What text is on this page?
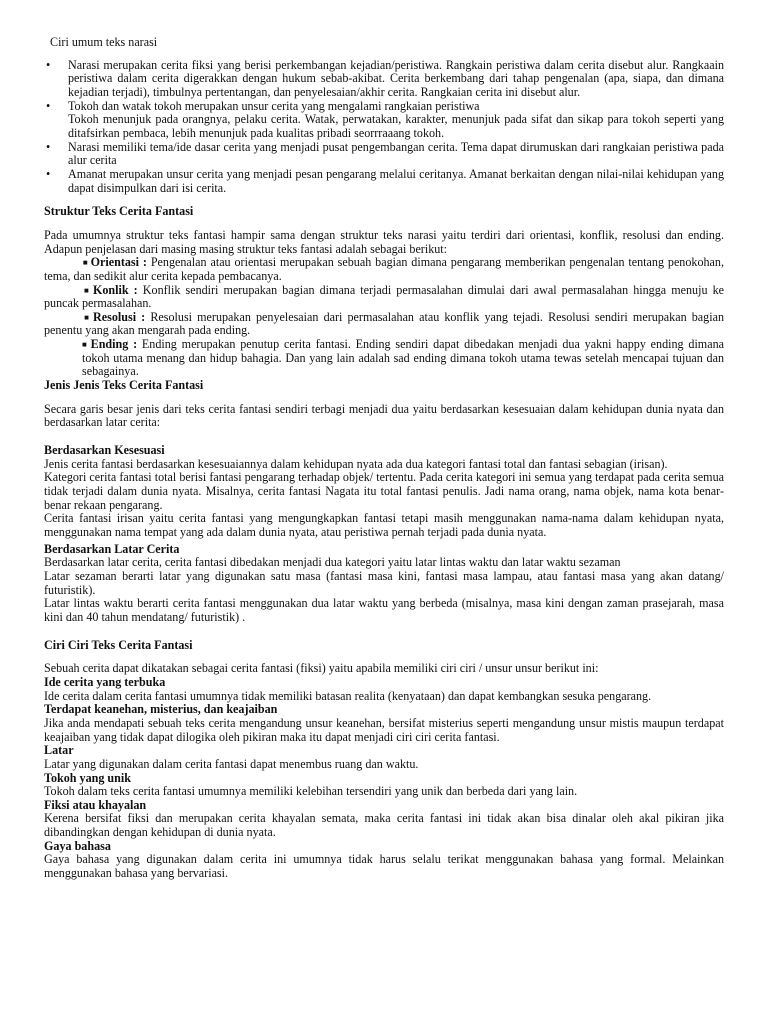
Ciri umum teks narasi

• Narasi merupakan cerita fiksi yang berisi perkembangan kejadian/peristiwa. Rangkain peristiwa dalam cerita disebut alur. Rangkaain peristiwa dalam cerita digerakkan dengan hukum sebab-akibat. Cerita berkembang dari tahap pengenalan (apa, siapa, dan dimana kejadian terjadi), timbulnya pertentangan, dan penyelesaian/akhir cerita. Rangkaian cerita ini disebut alur.
• Tokoh dan watak tokoh merupakan unsur cerita yang mengalami rangkaian peristiwa
Tokoh menunjuk pada orangnya, pelaku cerita. Watak, perwatakan, karakter, menunjuk pada sifat dan sikap para tokoh seperti yang ditafsirkan pembaca, lebih menunjuk pada kualitas pribadi seorrraaang tokoh.
• Narasi memiliki tema/ide dasar cerita yang menjadi pusat pengembangan cerita. Tema dapat dirumuskan dari rangkaian peristiwa pada alur cerita
• Amanat merupakan unsur cerita yang menjadi pesan pengarang melalui ceritanya. Amanat berkaitan dengan nilai-nilai kehidupan yang dapat disimpulkan dari isi cerita.
Struktur Teks Cerita Fantasi

Pada umumnya struktur teks fantasi hampir sama dengan struktur teks narasi yaitu terdiri dari orientasi, konflik, resolusi dan ending. Adapun penjelasan dari masing masing struktur teks fantasi adalah sebagai berikut:

■ Orientasi : Pengenalan atau orientasi merupakan sebuah bagian dimana pengarang memberikan pengenalan tentang penokohan, tema, dan sedikit alur cerita kepada pembacanya.
■ Konlik : Konflik sendiri merupakan bagian dimana terjadi permasalahan dimulai dari awal permasalahan hingga menuju ke puncak permasalahan.
■ Resolusi : Resolusi merupakan penyelesaian dari permasalahan atau konflik yang tejadi. Resolusi sendiri merupakan bagian penentu yang akan mengarah pada ending.
■ Ending : Ending merupakan penutup cerita fantasi. Ending sendiri dapat dibedakan menjadi dua yakni happy ending dimana tokoh utama menang dan hidup bahagia. Dan yang lain adalah sad ending dimana tokoh utama tewas setelah mencapai tujuan dan sebagainya.
Jenis Jenis Teks Cerita Fantasi

Secara garis besar jenis dari teks cerita fantasi sendiri terbagi menjadi dua yaitu berdasarkan kesesuaian dalam kehidupan dunia nyata dan berdasarkan latar cerita:

Berdasarkan Kesesuasi

Jenis cerita fantasi berdasarkan kesesuaiannya dalam kehidupan nyata ada dua kategori fantasi total dan fantasi sebagian (irisan).

Kategori cerita fantasi total berisi fantasi pengarang terhadap objek/ tertentu. Pada cerita kategori ini semua yang terdapat pada cerita semua tidak terjadi dalam dunia nyata. Misalnya, cerita fantasi Nagata itu total fantasi penulis. Jadi nama orang, nama objek, nama kota benar-benar rekaan pengarang.

Cerita fantasi irisan yaitu cerita fantasi yang mengungkapkan fantasi tetapi masih menggunakan nama-nama dalam kehidupan nyata, menggunakan nama tempat yang ada dalam dunia nyata, atau peristiwa pernah terjadi pada dunia nyata.

Berdasarkan Latar Cerita

Berdasarkan latar cerita, cerita fantasi dibedakan menjadi dua kategori yaitu latar lintas waktu dan latar waktu sezaman

Latar sezaman berarti latar yang digunakan satu masa (fantasi masa kini, fantasi masa lampau, atau fantasi masa yang akan datang/ futuristik).

Latar lintas waktu berarti cerita fantasi menggunakan dua latar waktu yang berbeda (misalnya, masa kini dengan zaman prasejarah, masa kini dan 40 tahun mendatang/ futuristik) .

Ciri Ciri Teks Cerita Fantasi

Sebuah cerita dapat dikatakan sebagai cerita fantasi (fiksi) yaitu apabila memiliki ciri ciri / unsur unsur berikut ini:

Ide cerita yang terbuka

Ide cerita dalam cerita fantasi umumnya tidak memiliki batasan realita (kenyataan) dan dapat kembangkan sesuka pengarang.

Terdapat keanehan, misterius, dan keajaiban

Jika anda mendapati sebuah teks cerita mengandung unsur keanehan, bersifat misterius seperti mengandung unsur mistis maupun terdapat keajaiban yang tidak dapat dilogika oleh pikiran maka itu dapat menjadi ciri ciri cerita fantasi.

Latar

Latar yang digunakan dalam cerita fantasi dapat menembus ruang dan waktu.

Tokoh yang unik

Tokoh dalam teks cerita fantasi umumnya memiliki kelebihan tersendiri yang unik dan berbeda dari yang lain.

Fiksi atau khayalan

Kerena bersifat fiksi dan merupakan cerita khayalan semata, maka cerita fantasi ini tidak akan bisa dinalar oleh akal pikiran jika dibandingkan dengan kehidupan di dunia nyata.

Gaya bahasa

Gaya bahasa yang digunakan dalam cerita ini umumnya tidak harus selalu terikat menggunakan bahasa yang formal. Melainkan menggunakan bahasa yang bervariasi.
